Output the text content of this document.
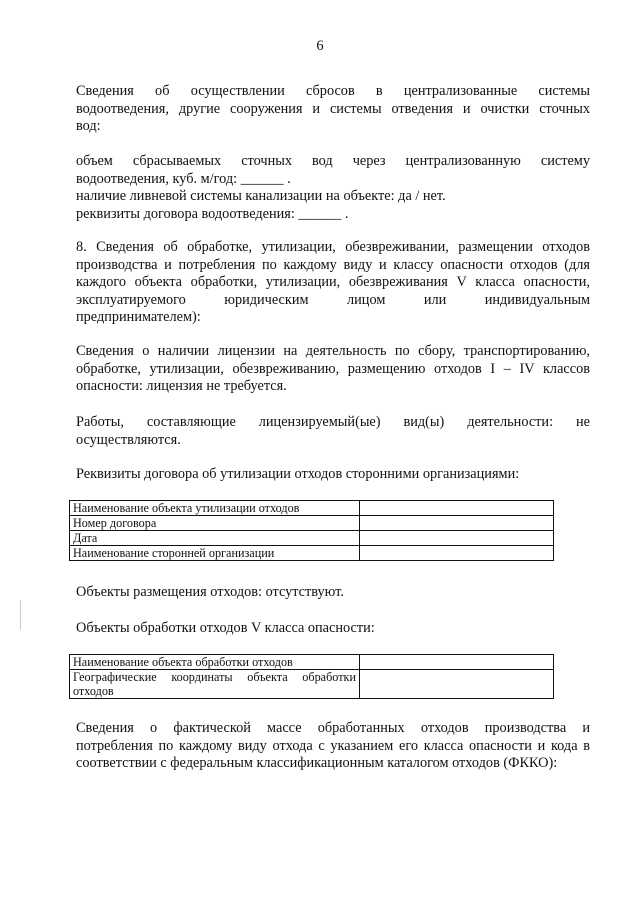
6
Сведения об осуществлении сбросов в централизованные системы
водоотведения, другие сооружения и системы отведения и очистки сточных
вод:
объем сбрасываемых сточных вод через централизованную систему
водоотведения, куб. м/год: ______ .
наличие ливневой системы канализации на объекте: да / нет.
реквизиты договора водоотведения: ______ .
8. Сведения об обработке, утилизации, обезвреживании, размещении отходов
производства и потребления по каждому виду и классу опасности отходов (для
каждого объекта обработки, утилизации, обезвреживания V класса опасности,
эксплуатируемого юридическим лицом или индивидуальным
предпринимателем):
Сведения о наличии лицензии на деятельность по сбору, транспортированию,
обработке, утилизации, обезвреживанию, размещению отходов I – IV классов
опасности: лицензия не требуется.
Работы, составляющие лицензируемый(ые) вид(ы) деятельности: не
осуществляются.
Реквизиты договора об утилизации отходов сторонними организациями:
Наименование объекта утилизации отходов	
Номер договора	
Дата	
Наименование сторонней организации	
Объекты размещения отходов: отсутствуют.
Объекты обработки отходов V класса опасности:
Наименование объекта обработки отходов	

Географические координаты объекта обработки
отходов	

Сведения о фактической массе обработанных отходов производства и
потребления по каждому виду отхода с указанием его класса опасности и кода в
соответствии с федеральным классификационным каталогом отходов (ФККО):
